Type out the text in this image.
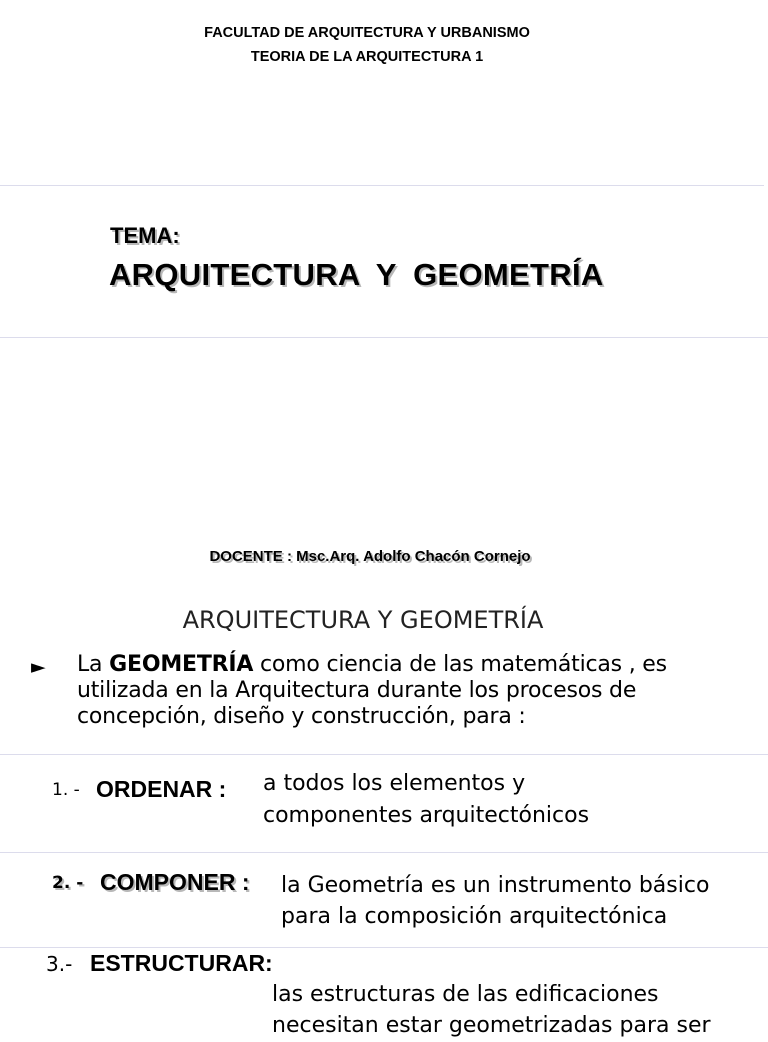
FACULTAD DE ARQUITECTURA Y URBANISMO
TEORIA DE LA ARQUITECTURA 1
TEMA:
ARQUITECTURA Y GEOMETRÍA
DOCENTE : Msc.Arq. Adolfo Chacón Cornejo
ARQUITECTURA Y GEOMETRÍA
► La GEOMETRÍA como ciencia de las matemáticas , es utilizada en la Arquitectura durante los procesos de concepción, diseño y construcción, para :
1. - ORDENAR : a todos los elementos y
componentes arquitectónicos
2. - COMPONER : la Geometría es un instrumento básico
para la composición arquitectónica
3.- ESTRUCTURAR:
las estructuras de las edificaciones
necesitan estar geometrizadas para ser
